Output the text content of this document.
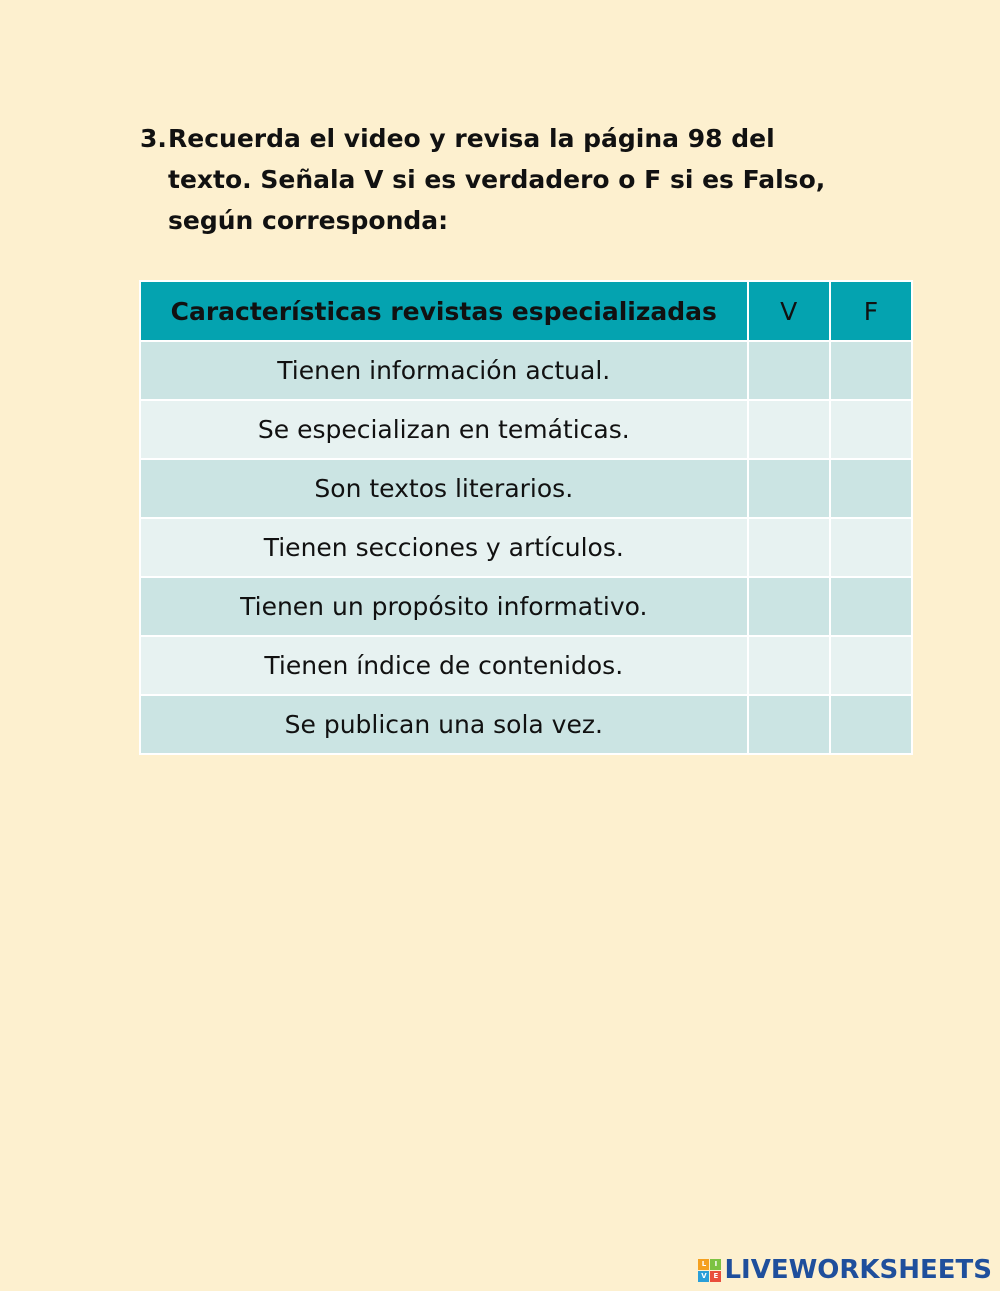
3. Recuerda el video y revisa la página 98 del
texto. Señala V si es verdadero o F si es Falso,
según corresponda:
Características revistas especializadas	V	F
Tienen información actual.		
Se especializan en temáticas.		
Son textos literarios.		
Tienen secciones y artículos.		
Tienen un propósito informativo.		
Tienen índice de contenidos.		
Se publican una sola vez.		
L	I
V E LIVEWORKSHEETS
